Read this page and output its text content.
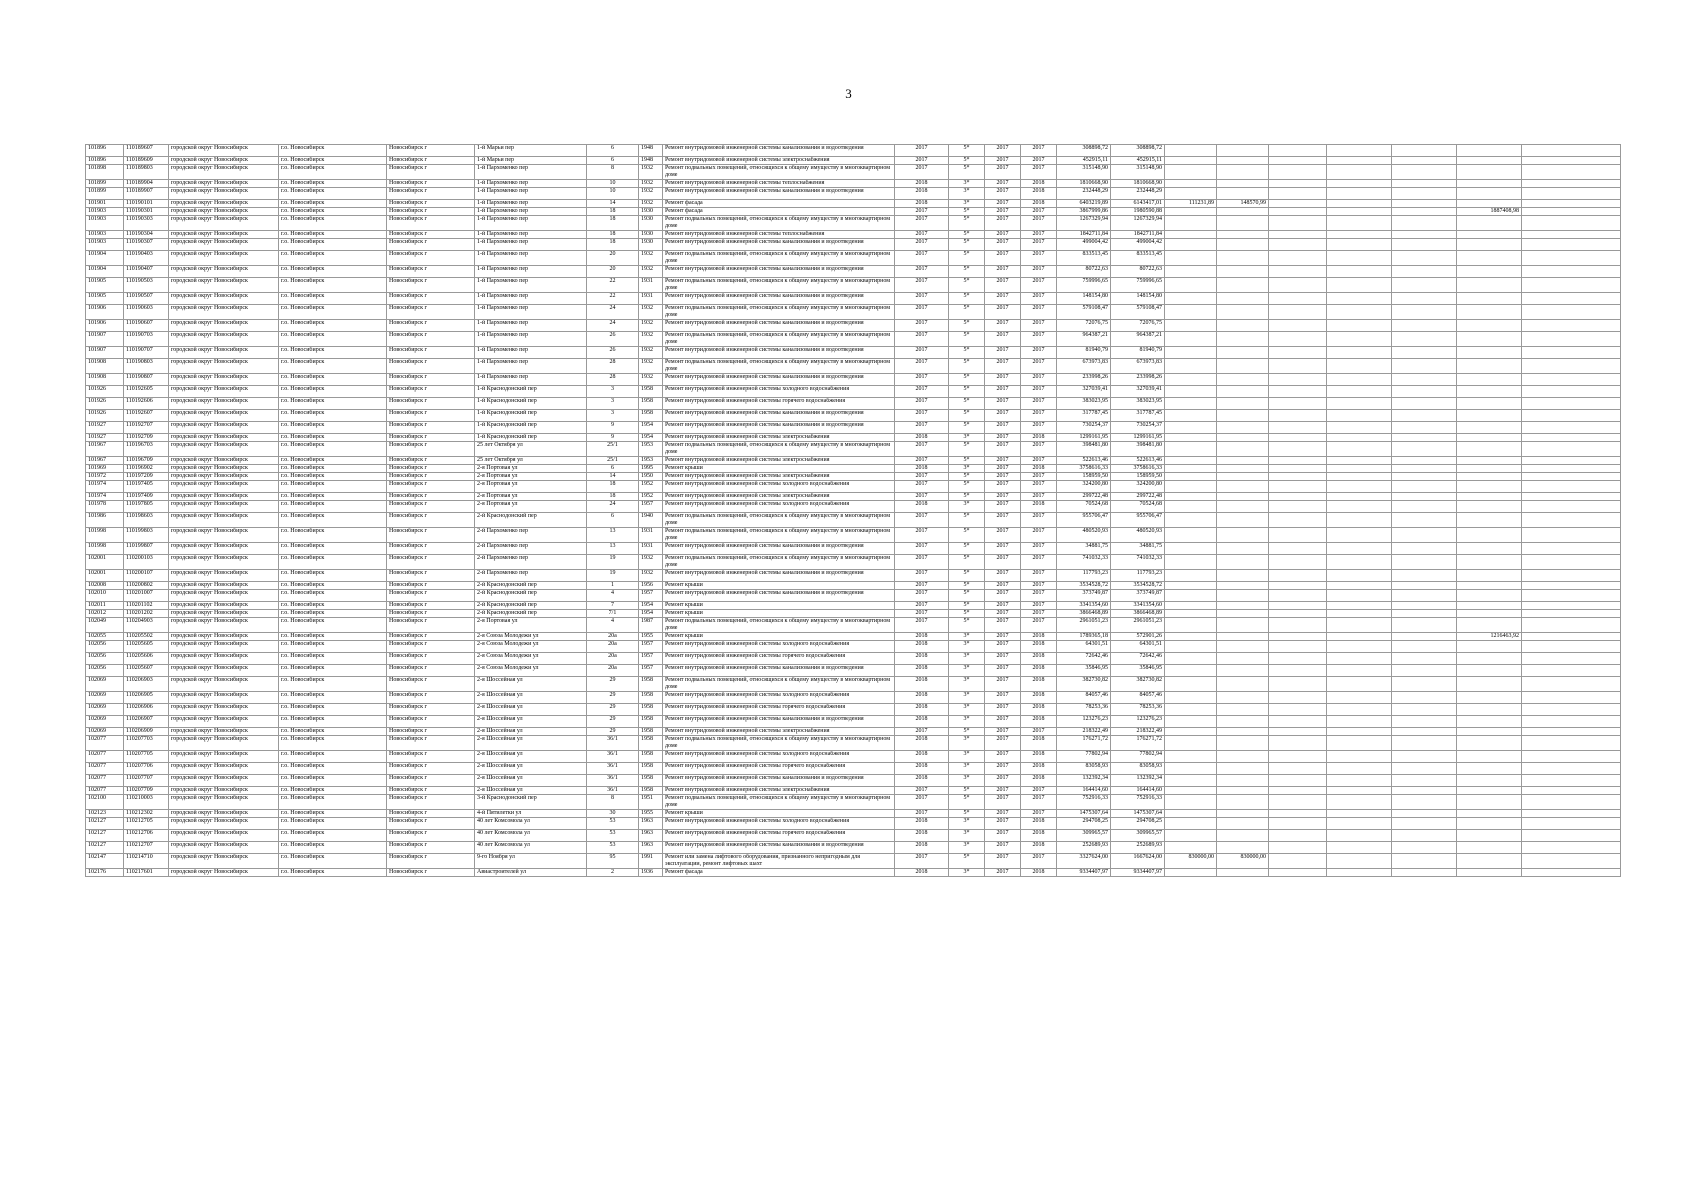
3
101896	110189607	городской округ Новосибирск	г.о. Новосибирск	Новосибирск г	1-й Марьи пер	6	1948	Ремонт внутридомовой инженерной системы канализования и водоотведения	2017	5*	2017	2017	308898,72	308898,72							
101896	110189609	городской округ Новосибирск	г.о. Новосибирск	Новосибирск г	1-й Марьи пер	6	1948	Ремонт внутридомовой инженерной системы электроснабжения	2017	5*	2017	2017	452915,11	452915,11							
101898	110189803	городской округ Новосибирск	г.о. Новосибирск	Новосибирск г	1-й Пархоменко пер	8	1932	Ремонт подвальных помещений, относящихся к общему имуществу в многоквартирном доме	2017	5*	2017	2017	315148,90	315148,90							
101899	110189904	городской округ Новосибирск	г.о. Новосибирск	Новосибирск г	1-й Пархоменко пер	10	1932	Ремонт внутридомовой инженерной системы теплоснабжения	2018	3*	2017	2018	1810668,90	1810668,90							
101899	110189907	городской округ Новосибирск	г.о. Новосибирск	Новосибирск г	1-й Пархоменко пер	10	1932	Ремонт внутридомовой инженерной системы канализования и водоотведения	2018	3*	2017	2018	232448,29	232448,29							
101901	110190101	городской округ Новосибирск	г.о. Новосибирск	Новосибирск г	1-й Пархоменко пер	14	1932	Ремонт фасада	2018	3*	2017	2018	6403219,89	6143417,01	111231,89	148570,99					
101903	110190301	городской округ Новосибирск	г.о. Новосибирск	Новосибирск г	1-й Пархоменко пер	18	1930	Ремонт фасада	2017	5*	2017	2017	3867999,86	1980590,88						1887408,98	
101903	110190303	городской округ Новосибирск	г.о. Новосибирск	Новосибирск г	1-й Пархоменко пер	18	1930	Ремонт подвальных помещений, относящихся к общему имуществу в многоквартирном доме	2017	5*	2017	2017	1267329,94	1267329,94							
101903	110190304	городской округ Новосибирск	г.о. Новосибирск	Новосибирск г	1-й Пархоменко пер	18	1930	Ремонт внутридомовой инженерной системы теплоснабжения	2017	5*	2017	2017	1842711,84	1842711,84							
101903	110190307	городской округ Новосибирск	г.о. Новосибирск	Новосибирск г	1-й Пархоменко пер	18	1930	Ремонт внутридомовой инженерной системы канализования и водоотведения	2017	5*	2017	2017	499004,42	499004,42							
101904	110190403	городской округ Новосибирск	г.о. Новосибирск	Новосибирск г	1-й Пархоменко пер	20	1932	Ремонт подвальных помещений, относящихся к общему имуществу в многоквартирном доме	2017	5*	2017	2017	833513,45	833513,45							
101904	110190407	городской округ Новосибирск	г.о. Новосибирск	Новосибирск г	1-й Пархоменко пер	20	1932	Ремонт внутридомовой инженерной системы канализования и водоотведения	2017	5*	2017	2017	80722,63	80722,63							
101905	110190503	городской округ Новосибирск	г.о. Новосибирск	Новосибирск г	1-й Пархоменко пер	22	1931	Ремонт подвальных помещений, относящихся к общему имуществу в многоквартирном доме	2017	5*	2017	2017	759996,65	759996,65							
101905	110190507	городской округ Новосибирск	г.о. Новосибирск	Новосибирск г	1-й Пархоменко пер	22	1931	Ремонт внутридомовой инженерной системы канализования и водоотведения	2017	5*	2017	2017	148154,80	148154,80							
101906	110190603	городской округ Новосибирск	г.о. Новосибирск	Новосибирск г	1-й Пархоменко пер	24	1932	Ремонт подвальных помещений, относящихся к общему имуществу в многоквартирном доме	2017	5*	2017	2017	579108,47	579108,47							
101906	110190607	городской округ Новосибирск	г.о. Новосибирск	Новосибирск г	1-й Пархоменко пер	24	1932	Ремонт внутридомовой инженерной системы канализования и водоотведения	2017	5*	2017	2017	72076,75	72076,75							
101907	110190703	городской округ Новосибирск	г.о. Новосибирск	Новосибирск г	1-й Пархоменко пер	26	1932	Ремонт подвальных помещений, относящихся к общему имуществу в многоквартирном доме	2017	5*	2017	2017	964387,21	964387,21							
101907	110190707	городской округ Новосибирск	г.о. Новосибирск	Новосибирск г	1-й Пархоменко пер	26	1932	Ремонт внутридомовой инженерной системы канализования и водоотведения	2017	5*	2017	2017	81940,79	81940,79							
101908	110190803	городской округ Новосибирск	г.о. Новосибирск	Новосибирск г	1-й Пархоменко пер	28	1932	Ремонт подвальных помещений, относящихся к общему имуществу в многоквартирном доме	2017	5*	2017	2017	673973,83	673973,83							
101908	110190807	городской округ Новосибирск	г.о. Новосибирск	Новосибирск г	1-й Пархоменко пер	28	1932	Ремонт внутридомовой инженерной системы канализования и водоотведения	2017	5*	2017	2017	233998,26	233998,26							
101926	110192605	городской округ Новосибирск	г.о. Новосибирск	Новосибирск г	1-й Краснодонский пер	3	1958	Ремонт внутридомовой инженерной системы холодного водоснабжения	2017	5*	2017	2017	327039,41	327039,41							
101926	110192606	городской округ Новосибирск	г.о. Новосибирск	Новосибирск г	1-й Краснодонский пер	3	1958	Ремонт внутридомовой инженерной системы горячего водоснабжения	2017	5*	2017	2017	383023,95	383023,95							
101926	110192607	городской округ Новосибирск	г.о. Новосибирск	Новосибирск г	1-й Краснодонский пер	3	1958	Ремонт внутридомовой инженерной системы канализования и водоотведения	2017	5*	2017	2017	317787,45	317787,45							
101927	110192707	городской округ Новосибирск	г.о. Новосибирск	Новосибирск г	1-й Краснодонский пер	9	1954	Ремонт внутридомовой инженерной системы канализования и водоотведения	2017	5*	2017	2017	730254,37	730254,37							
101927	110192709	городской округ Новосибирск	г.о. Новосибирск	Новосибирск г	1-й Краснодонский пер	9	1954	Ремонт внутридомовой инженерной системы электроснабжения	2018	3*	2017	2018	1299161,95	1299161,95							
101967	110196703	городской округ Новосибирск	г.о. Новосибирск	Новосибирск г	25 лет Октября ул	25/1	1953	Ремонт подвальных помещений, относящихся к общему имуществу в многоквартирном доме	2017	5*	2017	2017	398481,80	398481,80							
101967	110196709	городской округ Новосибирск	г.о. Новосибирск	Новосибирск г	25 лет Октября ул	25/1	1953	Ремонт внутридомовой инженерной системы электроснабжения	2017	5*	2017	2017	522613,46	522613,46							
101969	110196902	городской округ Новосибирск	г.о. Новосибирск	Новосибирск г	2-я Портовая ул	6	1995	Ремонт крыши	2018	3*	2017	2018	3758616,33	3758616,33							
101972	110197209	городской округ Новосибирск	г.о. Новосибирск	Новосибирск г	2-я Портовая ул	14	1950	Ремонт внутридомовой инженерной системы электроснабжения	2017	5*	2017	2017	158959,50	158959,50							
101974	110197405	городской округ Новосибирск	г.о. Новосибирск	Новосибирск г	2-я Портовая ул	18	1952	Ремонт внутридомовой инженерной системы холодного водоснабжения	2017	5*	2017	2017	324200,80	324200,80							
101974	110197409	городской округ Новосибирск	г.о. Новосибирск	Новосибирск г	2-я Портовая ул	18	1952	Ремонт внутридомовой инженерной системы электроснабжения	2017	5*	2017	2017	299722,48	299722,48							
101978	110197805	городской округ Новосибирск	г.о. Новосибирск	Новосибирск г	2-я Портовая ул	24	1957	Ремонт внутридомовой инженерной системы холодного водоснабжения	2018	3*	2017	2018	70524,68	70524,68							
101986	110198603	городской округ Новосибирск	г.о. Новосибирск	Новосибирск г	2-й Краснодонский пер	6	1940	Ремонт подвальных помещений, относящихся к общему имуществу в многоквартирном доме	2017	5*	2017	2017	955706,47	955706,47							
101998	110199803	городской округ Новосибирск	г.о. Новосибирск	Новосибирск г	2-й Пархоменко пер	13	1931	Ремонт подвальных помещений, относящихся к общему имуществу в многоквартирном доме	2017	5*	2017	2017	480520,93	480520,93							
101998	110199807	городской округ Новосибирск	г.о. Новосибирск	Новосибирск г	2-й Пархоменко пер	13	1931	Ремонт внутридомовой инженерной системы канализования и водоотведения	2017	5*	2017	2017	34881,75	34881,75							
102001	110200103	городской округ Новосибирск	г.о. Новосибирск	Новосибирск г	2-й Пархоменко пер	19	1932	Ремонт подвальных помещений, относящихся к общему имуществу в многоквартирном доме	2017	5*	2017	2017	741032,33	741032,33							
102001	110200107	городской округ Новосибирск	г.о. Новосибирск	Новосибирск г	2-й Пархоменко пер	19	1932	Ремонт внутридомовой инженерной системы канализования и водоотведения	2017	5*	2017	2017	117793,23	117793,23							
102008	110200802	городской округ Новосибирск	г.о. Новосибирск	Новосибирск г	2-й Краснодонский пер	1	1956	Ремонт крыши	2017	5*	2017	2017	3534528,72	3534528,72							
102010	110201007	городской округ Новосибирск	г.о. Новосибирск	Новосибирск г	2-й Краснодонский пер	4	1957	Ремонт внутридомовой инженерной системы канализования и водоотведения	2017	5*	2017	2017	373749,87	373749,87							
102011	110201102	городской округ Новосибирск	г.о. Новосибирск	Новосибирск г	2-й Краснодонский пер	7	1954	Ремонт крыши	2017	5*	2017	2017	3341354,60	3341354,60							
102012	110201202	городской округ Новосибирск	г.о. Новосибирск	Новосибирск г	2-й Краснодонский пер	7/1	1954	Ремонт крыши	2017	5*	2017	2017	3866468,89	3866468,89							
102049	110204903	городской округ Новосибирск	г.о. Новосибирск	Новосибирск г	2-я Портовая ул	4	1987	Ремонт подвальных помещений, относящихся к общему имуществу в многоквартирном доме	2017	5*	2017	2017	2961051,23	2961051,23							
102055	110205502	городской округ Новосибирск	г.о. Новосибирск	Новосибирск г	2-я Союза Молодежи ул	20а	1955	Ремонт крыши	2018	3*	2017	2018	1789365,18	572901,26						1216463,92	
102056	110205605	городской округ Новосибирск	г.о. Новосибирск	Новосибирск г	2-я Союза Молодежи ул	20а	1957	Ремонт внутридомовой инженерной системы холодного водоснабжения	2018	3*	2017	2018	64301,51	64301,51							
102056	110205606	городской округ Новосибирск	г.о. Новосибирск	Новосибирск г	2-я Союза Молодежи ул	20а	1957	Ремонт внутридомовой инженерной системы горячего водоснабжения	2018	3*	2017	2018	72642,46	72642,46							
102056	110205607	городской округ Новосибирск	г.о. Новосибирск	Новосибирск г	2-я Союза Молодежи ул	20а	1957	Ремонт внутридомовой инженерной системы канализования и водоотведения	2018	3*	2017	2018	35846,95	35846,95							
102069	110206903	городской округ Новосибирск	г.о. Новосибирск	Новосибирск г	2-я Шоссейная ул	29	1958	Ремонт подвальных помещений, относящихся к общему имуществу в многоквартирном доме	2018	3*	2017	2018	382730,82	382730,82							
102069	110206905	городской округ Новосибирск	г.о. Новосибирск	Новосибирск г	2-я Шоссейная ул	29	1958	Ремонт внутридомовой инженерной системы холодного водоснабжения	2018	3*	2017	2018	84057,46	84057,46							
102069	110206906	городской округ Новосибирск	г.о. Новосибирск	Новосибирск г	2-я Шоссейная ул	29	1958	Ремонт внутридомовой инженерной системы горячего водоснабжения	2018	3*	2017	2018	78253,36	78253,36							
102069	110206907	городской округ Новосибирск	г.о. Новосибирск	Новосибирск г	2-я Шоссейная ул	29	1958	Ремонт внутридомовой инженерной системы канализования и водоотведения	2018	3*	2017	2018	123276,23	123276,23							
102069	110206909	городской округ Новосибирск	г.о. Новосибирск	Новосибирск г	2-я Шоссейная ул	29	1958	Ремонт внутридомовой инженерной системы электроснабжения	2017	5*	2017	2017	218322,49	218322,49							
102077	110207703	городской округ Новосибирск	г.о. Новосибирск	Новосибирск г	2-я Шоссейная ул	36/1	1958	Ремонт подвальных помещений, относящихся к общему имуществу в многоквартирном доме	2018	3*	2017	2018	176271,72	176271,72							
102077	110207705	городской округ Новосибирск	г.о. Новосибирск	Новосибирск г	2-я Шоссейная ул	36/1	1958	Ремонт внутридомовой инженерной системы холодного водоснабжения	2018	3*	2017	2018	77802,94	77802,94							
102077	110207706	городской округ Новосибирск	г.о. Новосибирск	Новосибирск г	2-я Шоссейная ул	36/1	1958	Ремонт внутридомовой инженерной системы горячего водоснабжения	2018	3*	2017	2018	83058,93	83058,93							
102077	110207707	городской округ Новосибирск	г.о. Новосибирск	Новосибирск г	2-я Шоссейная ул	36/1	1958	Ремонт внутридомовой инженерной системы канализования и водоотведения	2018	3*	2017	2018	132392,34	132392,34							
102077	110207709	городской округ Новосибирск	г.о. Новосибирск	Новосибирск г	2-я Шоссейная ул	36/1	1958	Ремонт внутридомовой инженерной системы электроснабжения	2017	5*	2017	2017	164414,60	164414,60							
102100	110210003	городской округ Новосибирск	г.о. Новосибирск	Новосибирск г	3-й Краснодонский пер	8	1951	Ремонт подвальных помещений, относящихся к общему имуществу в многоквартирном доме	2017	5*	2017	2017	752916,33	752916,33							
102123	110212302	городской округ Новосибирск	г.о. Новосибирск	Новосибирск г	4-й Пятилетки ул	30	1955	Ремонт крыши	2017	5*	2017	2017	1475307,64	1475307,64							
102127	110212705	городской округ Новосибирск	г.о. Новосибирск	Новосибирск г	40 лет Комсомола ул	53	1963	Ремонт внутридомовой инженерной системы холодного водоснабжения	2018	3*	2017	2018	294708,25	294708,25							
102127	110212706	городской округ Новосибирск	г.о. Новосибирск	Новосибирск г	40 лет Комсомола ул	53	1963	Ремонт внутридомовой инженерной системы горячего водоснабжения	2018	3*	2017	2018	309965,57	309965,57							
102127	110212707	городской округ Новосибирск	г.о. Новосибирск	Новосибирск г	40 лет Комсомола ул	53	1963	Ремонт внутридомовой инженерной системы канализования и водоотведения	2018	3*	2017	2018	252689,93	252689,93							
102147	110214710	городской округ Новосибирск	г.о. Новосибирск	Новосибирск г	9-го Ноября ул	95	1991	Ремонт или замена лифтового оборудования, признанного непригодным для эксплуатации, ремонт лифтовых шахт	2017	5*	2017	2017	3327624,00	1667624,00	830000,00	830000,00					
102176	110217601	городской округ Новосибирск	г.о. Новосибирск	Новосибирск г	Авиастроителей ул	2	1936	Ремонт фасада	2018	3*	2017	2018	9334407,97	9334407,97							
